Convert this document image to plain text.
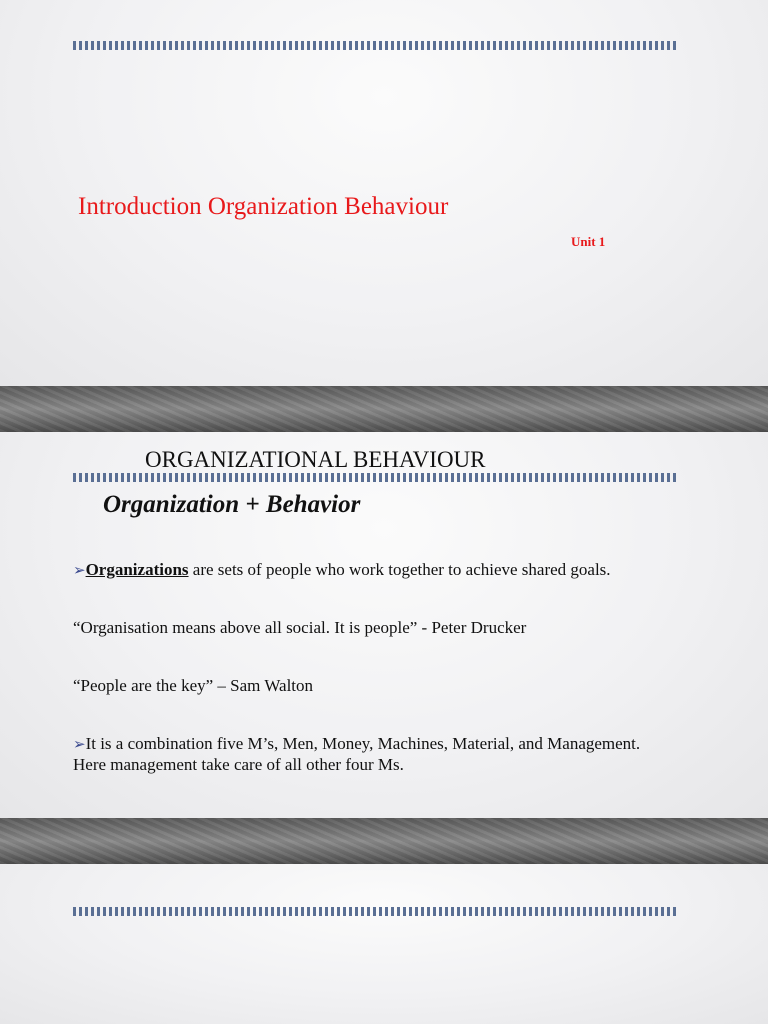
Introduction Organization Behaviour
Unit 1
ORGANIZATIONAL BEHAVIOUR
Organization + Behavior

➢Organizations are sets of people who work together to achieve shared goals.

“Organisation means above all social. It is people” - Peter Drucker

“People are the key” – Sam Walton

➢It is a combination five M’s, Men, Money, Machines, Material, and Management.
Here management take care of all other four Ms.
